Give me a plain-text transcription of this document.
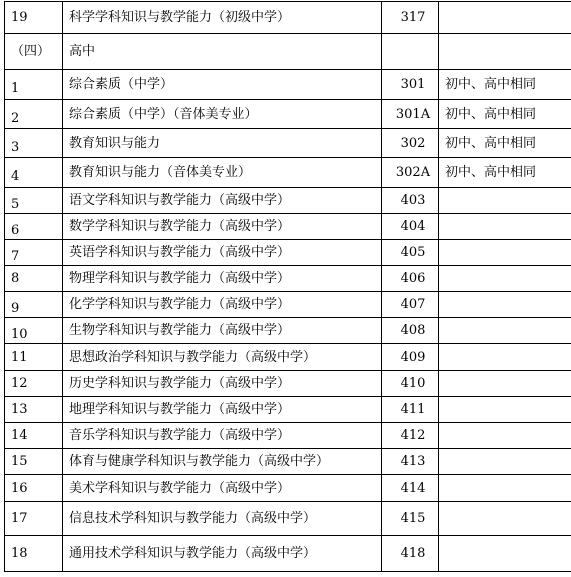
19	科学学科知识与教学能力（初级中学）	317	

（四）	高中		

1	综合素质（中学）	301	初中、高中相同

2	综合素质（中学）（音体美专业）	301A	初中、高中相同

3	教育知识与能力	302	初中、高中相同

4	教育知识与能力（音体美专业）	302A	初中、高中相同

5	语文学科知识与教学能力（高级中学）	403	

6	数学学科知识与教学能力（高级中学）	404	

7	英语学科知识与教学能力（高级中学）	405	

8	物理学科知识与教学能力（高级中学）	406	

9	化学学科知识与教学能力（高级中学）	407	

10	生物学科知识与教学能力（高级中学）	408	

11	思想政治学科知识与教学能力（高级中学）	409	

12	历史学科知识与教学能力（高级中学）	410	

13	地理学科知识与教学能力（高级中学）	411	

14	音乐学科知识与教学能力（高级中学）	412	

15	体育与健康学科知识与教学能力（高级中学）	413	

16	美术学科知识与教学能力（高级中学）	414	

17	信息技术学科知识与教学能力（高级中学）	415	

18	通用技术学科知识与教学能力（高级中学）	418	
